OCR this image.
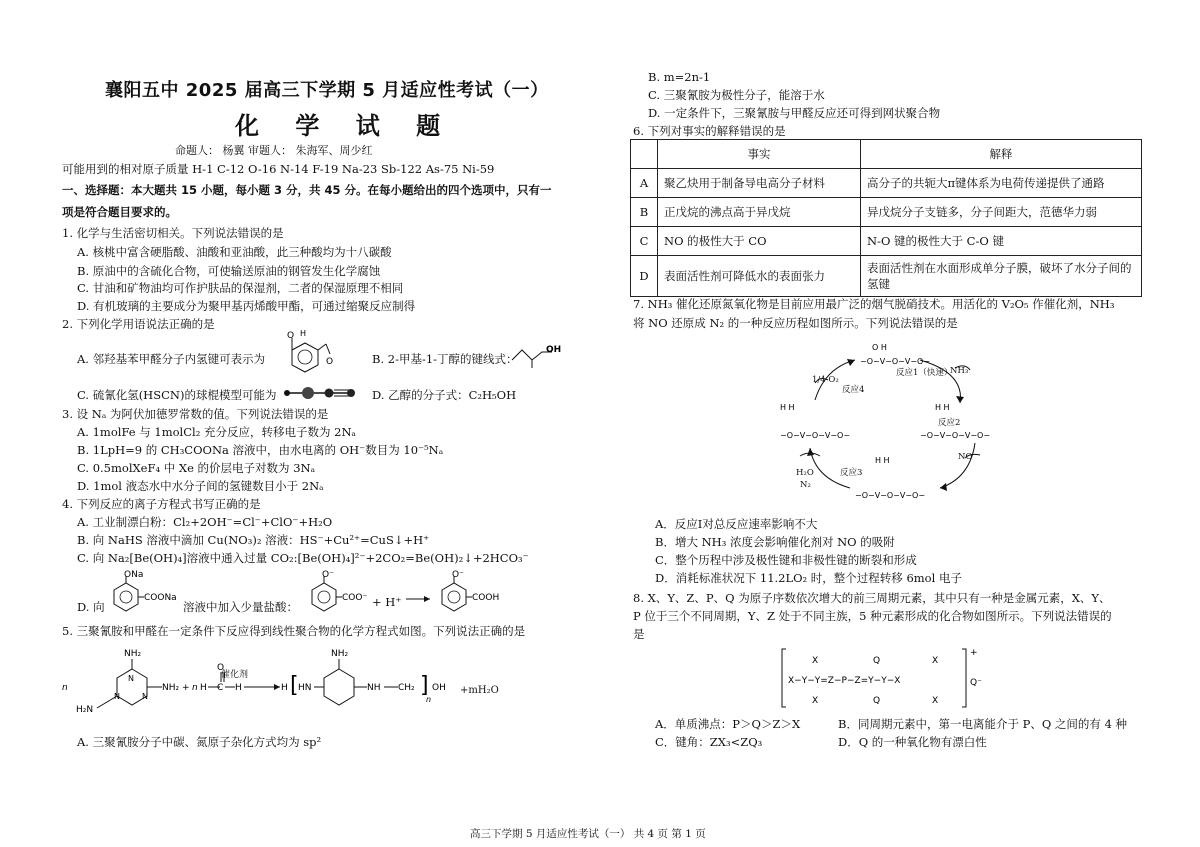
襄阳五中 2025 届高三下学期 5 月适应性考试（一）
化 学 试 题
命题人： 杨翼 审题人： 朱海军、周少红
可能用到的相对原子质量 H-1 C-12 O-16 N-14 F-19 Na-23 Sb-122 As-75 Ni-59
一、选择题：本大题共 15 小题，每小题 3 分，共 45 分。在每小题给出的四个选项中，只有一
项是符合题目要求的。
1. 化学与生活密切相关。下列说法错误的是
A. 核桃中富含硬脂酸、油酸和亚油酸，此三种酸均为十八碳酸
B. 原油中的含硫化合物，可使输送原油的钢管发生化学腐蚀
C. 甘油和矿物油均可作护肤品的保湿剂，二者的保湿原理不相同
D. 有机玻璃的主要成分为聚甲基丙烯酸甲酯，可通过缩聚反应制得
2. 下列化学用语说法正确的是
A. 邻羟基苯甲醛分子内氢键可表示为
O H
O	B. 2-甲基-1-丁醇的键线式：
OH
C. 硫氰化氢(HSCN)的球棍模型可能为	D. 乙醇的分子式：C₂H₅OH
3. 设 Nₐ 为阿伏加德罗常数的值。下列说法错误的是
A. 1molFe 与 1molCl₂ 充分反应，转移电子数为 2Nₐ
B. 1LpH=9 的 CH₃COONa 溶液中，由水电离的 OH⁻数目为 10⁻⁵Nₐ
C. 0.5molXeF₄ 中 Xe 的价层电子对数为 3Nₐ
D. 1mol 液态水中水分子间的氢键数目小于 2Nₐ
4. 下列反应的离子方程式书写正确的是
A. 工业制漂白粉：Cl₂+2OH⁻=Cl⁻+ClO⁻+H₂O
B. 向 NaHS 溶液中滴加 Cu(NO₃)₂ 溶液：HS⁻+Cu²⁺=CuS↓+H⁺
C. 向 Na₂[Be(OH)₄]溶液中通入过量 CO₂:[Be(OH)₄]²⁻+2CO₂=Be(OH)₂↓+2HCO₃⁻
D. 向
ONa
COONa
溶液中加入少量盐酸：
O⁻
COO⁻ + H⁺ →
O⁻
COOH
5. 三聚氰胺和甲醛在一定条件下反应得到线性聚合物的化学方程式如图。下列说法正确的是
n
NH₂
N
N	N
H₂N
NH₂ + n H C
O
H	H [ HN
NH₂
NH CH₂ ]
n
OH
催化剂
+mH₂O
A. 三聚氰胺分子中碳、氮原子杂化方式均为 sp²
B. m=2n-1
C. 三聚氰胺为极性分子，能溶于水
D. 一定条件下，三聚氰胺与甲醛反应还可得到网状聚合物
6. 下列对事实的解释错误的是
	事实	解释
A	聚乙炔用于制备导电高分子材料	高分子的共轭大π键体系为电荷传递提供了通路
B	正戊烷的沸点高于异戊烷	异戊烷分子支链多，分子间距大，范德华力弱
C	NO 的极性大于 CO	N-O 键的极性大于 C-O 键
D	表面活性剂可降低水的表面张力	表面活性剂在水面形成单分子膜，破坏了水分子间的氢键
7. NH₃ 催化还原氮氧化物是目前应用最广泛的烟气脱硝技术。用活化的 V₂O₅ 作催化剂，NH₃
将 NO 还原成 N₂ 的一种反应历程如图所示。下列说法错误的是
O H
−O−V−O−V−O−
H H
−O−V−O−V−O−
H H
−O−V−O−V−O−
H H
−O−V−O−V−O−
反应1（快速）
反应2
反应3
反应4
NH₃
NO
H₂O
N₂
1/4 O₂
A．反应Ⅰ对总反应速率影响不大
B．增大 NH₃ 浓度会影响催化剂对 NO 的吸附
C．整个历程中涉及极性键和非极性键的断裂和形成
D．消耗标准状况下 11.2LO₂ 时，整个过程转移 6mol 电子
8. X、Y、Z、P、Q 为原子序数依次增大的前三周期元素，其中只有一种是金属元素，X、Y、
P 位于三个不同周期，Y、Z 处于不同主族，5 种元素形成的化合物如图所示。下列说法错误的
是
+
Q⁻
X−Y−Y=Z−P−Z=Y−Y−X
X
X
Q
Q
X
X
A．单质沸点：P＞Q＞Z＞X	B．同周期元素中，第一电离能介于 P、Q 之间的有 4 种
C．键角：ZX₃<ZQ₃	D．Q 的一种氧化物有漂白性
高三下学期 5 月适应性考试（一） 共 4 页 第 1 页
